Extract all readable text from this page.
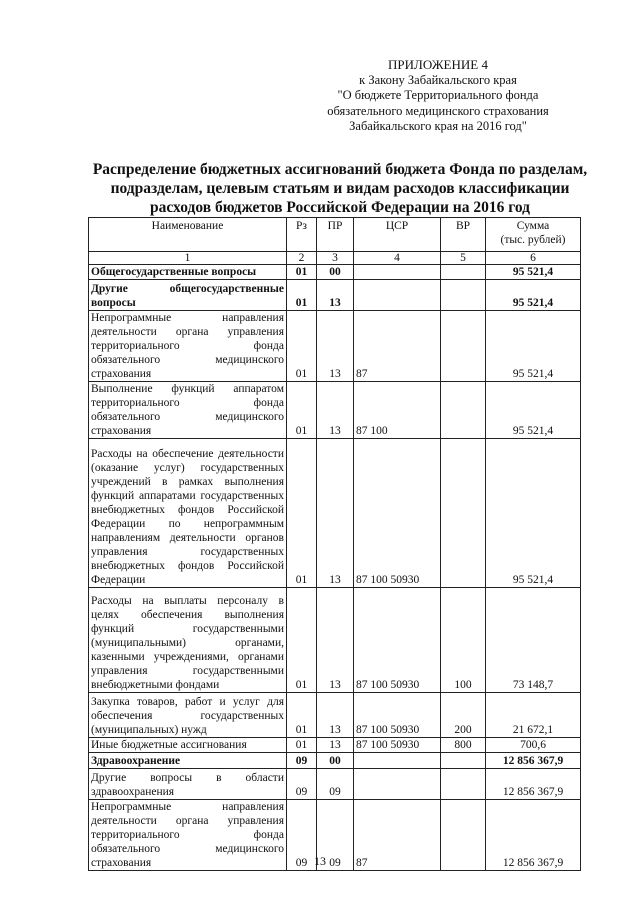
ПРИЛОЖЕНИЕ 4
к Закону Забайкальского края
"О бюджете Территориального фонда
обязательного медицинского страхования
Забайкальского края на 2016 год"
Распределение бюджетных ассигнований бюджета Фонда по разделам,
подразделам, целевым статьям и видам расходов классификации
расходов бюджетов Российской Федерации на 2016 год
Наименование	Рз	ПР	ЦСР	ВР	Сумма
(тыс. рублей)

1	2	3	4	5	6
Общегосударственные вопросы	01	00			95 521,4
Другие общегосударственные вопросы	01	13			95 521,4
Непрограммные направления деятельности органа управления территориального фонда обязательного медицинского страхования	01	13	87		95 521,4
Выполнение функций аппаратом территориального фонда обязательного медицинского страхования	01	13	87 100		95 521,4
Расходы на обеспечение деятельности (оказание услуг) государственных учреждений в рамках выполнения функций аппаратами государственных внебюджетных фондов Российской Федерации по непрограммным направлениям деятельности органов управления государственных внебюджетных фондов Российской Федерации	01	13	87 100 50930		95 521,4
Расходы на выплаты персоналу в целях обеспечения выполнения функций государственными (муниципальными) органами, казенными учреждениями, органами управления государственными внебюджетными фондами	01	13	87 100 50930	100	73 148,7
Закупка товаров, работ и услуг для обеспечения государственных (муниципальных) нужд	01	13	87 100 50930	200	21 672,1
Иные бюджетные ассигнования	01	13	87 100 50930	800	700,6
Здравоохранение	09	00			12 856 367,9
Другие вопросы в области здравоохранения	09	09			12 856 367,9
Непрограммные направления деятельности органа управления территориального фонда обязательного медицинского страхования	09	09	87		12 856 367,9
13
